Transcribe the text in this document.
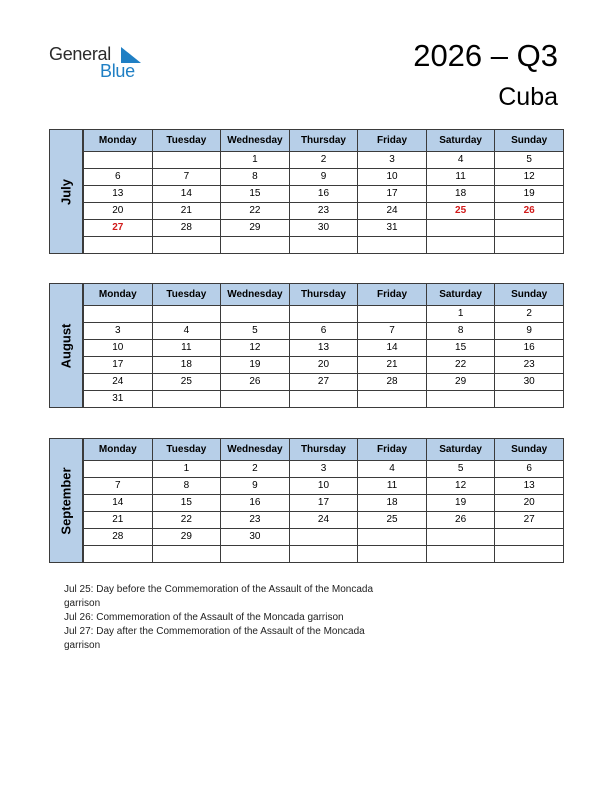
General
Blue	2026 – Q3
Cuba
July
Monday	Tuesday	Wednesday	Thursday	Friday	Saturday	Sunday
		1	2	3	4	5
6	7	8	9	10	11	12
13	14	15	16	17	18	19
20	21	22	23	24	25	26
27	28	29	30	31		

August
Monday	Tuesday	Wednesday	Thursday	Friday	Saturday	Sunday
					1	2
3	4	5	6	7	8	9
10	11	12	13	14	15	16
17	18	19	20	21	22	23
24	25	26	27	28	29	30
31						
September
Monday	Tuesday	Wednesday	Thursday	Friday	Saturday	Sunday
	1	2	3	4	5	6
7	8	9	10	11	12	13
14	15	16	17	18	19	20
21	22	23	24	25	26	27
28	29	30				

Jul 25: Day before the Commemoration of the Assault of the Moncada garrison
Jul 26: Commemoration of the Assault of the Moncada garrison
Jul 27: Day after the Commemoration of the Assault of the Moncada garrison
